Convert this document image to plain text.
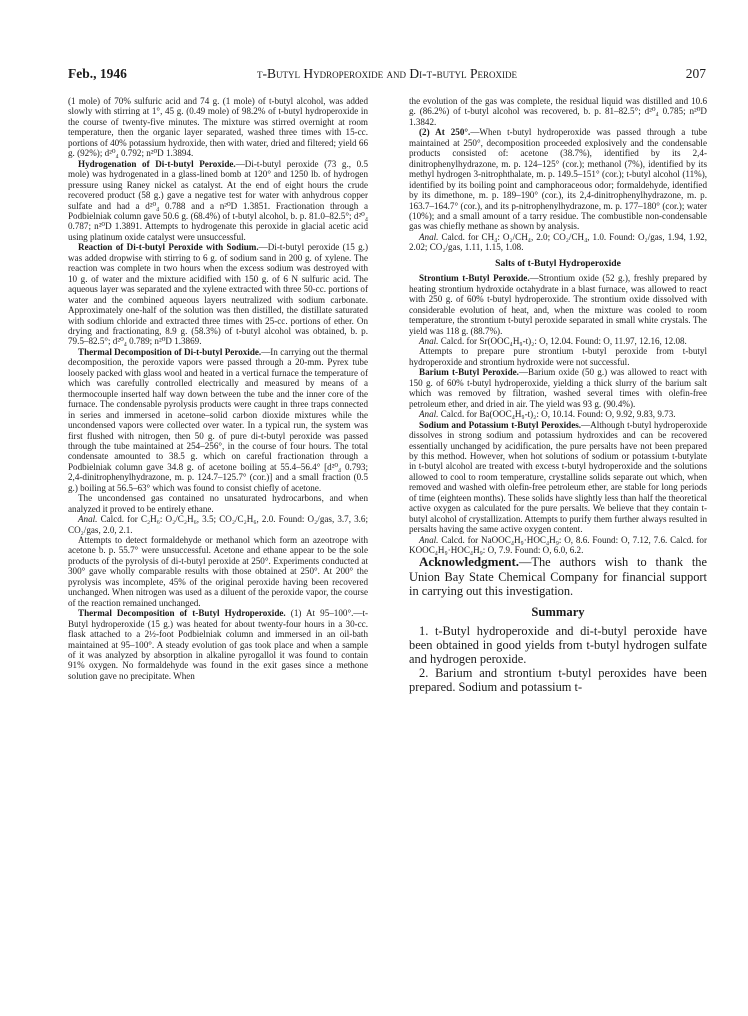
Feb., 1946	t-Butyl Hydroperoxide and Di-t-butyl Peroxide	207

(1 mole) of 70% sulfuric acid and 74 g. (1 mole) of t-butyl alcohol, was added slowly with stirring at 1°, 45 g. (0.49 mole) of 98.2% of t-butyl hydroperoxide in the course of twenty-five minutes. The mixture was stirred overnight at room temperature, then the organic layer separated, washed three times with 15-cc. portions of 40% potassium hydroxide, then with water, dried and filtered; yield 66 g. (92%); d²⁰₄ 0.792; n²⁰D 1.3894.

Hydrogenation of Di-t-butyl Peroxide.—Di-t-butyl peroxide (73 g., 0.5 mole) was hydrogenated in a glass-lined bomb at 120° and 1250 lb. of hydrogen pressure using Raney nickel as catalyst. At the end of eight hours the crude recovered product (58 g.) gave a negative test for water with anhydrous copper sulfate and had a d²⁰₄ 0.788 and a n²⁰D 1.3851. Fractionation through a Podbielniak column gave 50.6 g. (68.4%) of t-butyl alcohol, b. p. 81.0–82.5°; d²⁰₄ 0.787; n²⁰D 1.3891. Attempts to hydrogenate this peroxide in glacial acetic acid using platinum oxide catalyst were unsuccessful.

Reaction of Di-t-butyl Peroxide with Sodium.—Di-t-butyl peroxide (15 g.) was added dropwise with stirring to 6 g. of sodium sand in 200 g. of xylene. The reaction was complete in two hours when the excess sodium was destroyed with 10 g. of water and the mixture acidified with 150 g. of 6 N sulfuric acid. The aqueous layer was separated and the xylene extracted with three 50-cc. portions of water and the combined aqueous layers neutralized with sodium carbonate. Approximately one-half of the solution was then distilled, the distillate saturated with sodium chloride and extracted three times with 25-cc. portions of ether. On drying and fractionating, 8.9 g. (58.3%) of t-butyl alcohol was obtained, b. p. 79.5–82.5°; d²⁰₄ 0.789; n²⁰D 1.3869.

Thermal Decomposition of Di-t-butyl Peroxide.—In carrying out the thermal decomposition, the peroxide vapors were passed through a 20-mm. Pyrex tube loosely packed with glass wool and heated in a vertical furnace the temperature of which was carefully controlled electrically and measured by means of a thermocouple inserted half way down between the tube and the inner core of the furnace. The condensable pyrolysis products were caught in three traps connected in series and immersed in acetone–solid carbon dioxide mixtures while the uncondensed vapors were collected over water. In a typical run, the system was first flushed with nitrogen, then 50 g. of pure di-t-butyl peroxide was passed through the tube maintained at 254–256°, in the course of four hours. The total condensate amounted to 38.5 g. which on careful fractionation through a Podbielniak column gave 34.8 g. of acetone boiling at 55.4–56.4° [d²⁰₄ 0.793; 2,4-dinitrophenylhydrazone, m. p. 124.7–125.7° (cor.)] and a small fraction (0.5 g.) boiling at 56.5–63° which was found to consist chiefly of acetone.

The uncondensed gas contained no unsaturated hydrocarbons, and when analyzed it proved to be entirely ethane.

Anal. Calcd. for C₂H₆: O₂/C₂H₆, 3.5; CO₂/C₂H₆, 2.0. Found: O₂/gas, 3.7, 3.6; CO₂/gas, 2.0, 2.1.

Attempts to detect formaldehyde or methanol which form an azeotrope with acetone b. p. 55.7° were unsuccessful. Acetone and ethane appear to be the sole products of the pyrolysis of di-t-butyl peroxide at 250°. Experiments conducted at 300° gave wholly comparable results with those obtained at 250°. At 200° the pyrolysis was incomplete, 45% of the original peroxide having been recovered unchanged. When nitrogen was used as a diluent of the peroxide vapor, the course of the reaction remained unchanged.

Thermal Decomposition of t-Butyl Hydroperoxide. (1) At 95–100°.—t-Butyl hydroperoxide (15 g.) was heated for about twenty-four hours in a 30-cc. flask attached to a 2½-foot Podbielniak column and immersed in an oil-bath maintained at 95–100°. A steady evolution of gas took place and when a sample of it was analyzed by absorption in alkaline pyrogallol it was found to contain 91% oxygen. No formaldehyde was found in the exit gases since a methone solution gave no precipitate. When

the evolution of the gas was complete, the residual liquid was distilled and 10.6 g. (86.2%) of t-butyl alcohol was recovered, b. p. 81–82.5°; d²⁰₄ 0.785; n²⁰D 1.3842.

(2) At 250°.—When t-butyl hydroperoxide was passed through a tube maintained at 250°, decomposition proceeded explosively and the condensable products consisted of: acetone (38.7%), identified by its 2,4-dinitrophenylhydrazone, m. p. 124–125° (cor.); methanol (7%), identified by its methyl hydrogen 3-nitrophthalate, m. p. 149.5–151° (cor.); t-butyl alcohol (11%), identified by its boiling point and camphoraceous odor; formaldehyde, identified by its dimethone, m. p. 189–190° (cor.), its 2,4-dinitrophenylhydrazone, m. p. 163.7–164.7° (cor.), and its p-nitrophenylhydrazone, m. p. 177–180° (cor.); water (10%); and a small amount of a tarry residue. The combustible non-condensable gas was chiefly methane as shown by analysis.

Anal. Calcd. for CH₄: O₂/CH₄, 2.0; CO₂/CH₄, 1.0. Found: O₂/gas, 1.94, 1.92, 2.02; CO₂/gas, 1.11, 1.15, 1.08.

Salts of t-Butyl Hydroperoxide

Strontium t-Butyl Peroxide.—Strontium oxide (52 g.), freshly prepared by heating strontium hydroxide octahydrate in a blast furnace, was allowed to react with 250 g. of 60% t-butyl hydroperoxide. The strontium oxide dissolved with considerable evolution of heat, and, when the mixture was cooled to room temperature, the strontium t-butyl peroxide separated in small white crystals. The yield was 118 g. (88.7%).

Anal. Calcd. for Sr(OOC₄H₉-t)₂: O, 12.04. Found: O, 11.97, 12.16, 12.08.

Attempts to prepare pure strontium t-butyl peroxide from t-butyl hydroperoxide and strontium hydroxide were not successful.

Barium t-Butyl Peroxide.—Barium oxide (50 g.) was allowed to react with 150 g. of 60% t-butyl hydroperoxide, yielding a thick slurry of the barium salt which was removed by filtration, washed several times with olefin-free petroleum ether, and dried in air. The yield was 93 g. (90.4%).

Anal. Calcd. for Ba(OOC₄H₉-t)₂: O, 10.14. Found: O, 9.92, 9.83, 9.73.

Sodium and Potassium t-Butyl Peroxides.—Although t-butyl hydroperoxide dissolves in strong sodium and potassium hydroxides and can be recovered essentially unchanged by acidification, the pure persalts have not been prepared by this method. However, when hot solutions of sodium or potassium t-butylate in t-butyl alcohol are treated with excess t-butyl hydroperoxide and the solutions allowed to cool to room temperature, crystalline solids separate out which, when removed and washed with olefin-free petroleum ether, are stable for long periods of time (eighteen months). These solids have slightly less than half the theoretical active oxygen as calculated for the pure persalts. We believe that they contain t-butyl alcohol of crystallization. Attempts to purify them further always resulted in persalts having the same active oxygen content.

Anal. Calcd. for NaOOC₄H₉·HOC₄H₉: O, 8.6. Found: O, 7.12, 7.6. Calcd. for KOOC₄H₉·HOC₄H₉: O, 7.9. Found: O, 6.0, 6.2.

Acknowledgment.—The authors wish to thank the Union Bay State Chemical Company for financial support in carrying out this investigation.

Summary

1. t-Butyl hydroperoxide and di-t-butyl peroxide have been obtained in good yields from t-butyl hydrogen sulfate and hydrogen peroxide.

2. Barium and strontium t-butyl peroxides have been prepared. Sodium and potassium t-
